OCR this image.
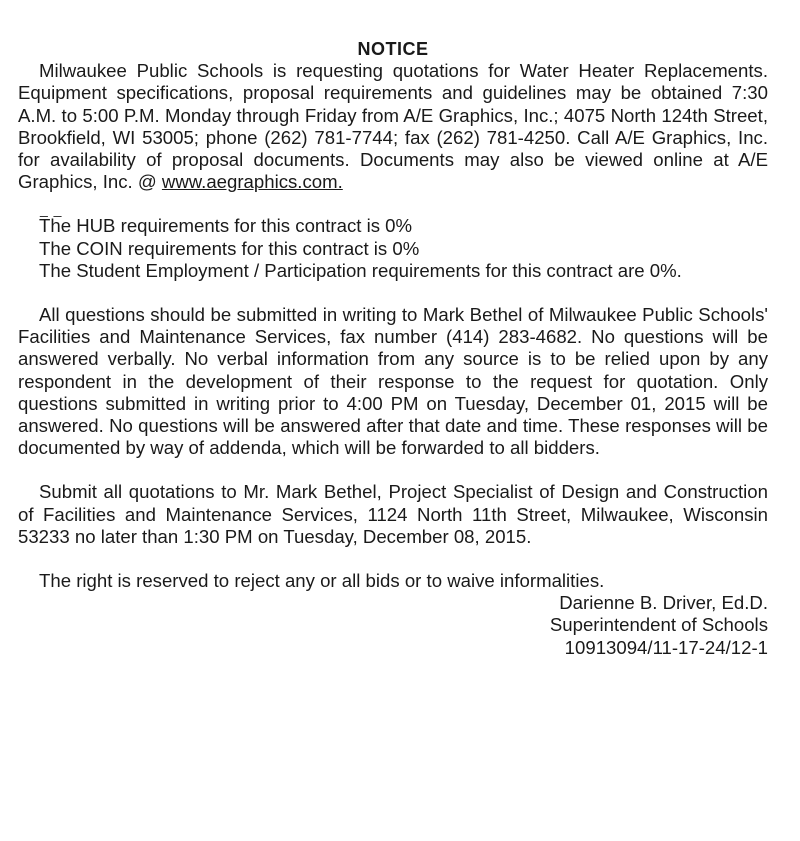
NOTICE

Milwaukee Public Schools is requesting quotations for Water Heater Replacements. Equipment specifications, proposal requirements and guidelines may be obtained 7:30 A.M. to 5:00 P.M. Monday through Friday from A/E Graphics, Inc.; 4075 North 124th Street, Brookfield, WI 53005; phone (262) 781-7744; fax (262) 781-4250. Call A/E Graphics, Inc. for availability of proposal documents. Documents may also be viewed online at A/E Graphics, Inc. @ www.aegraphics.com.

_ _

The HUB requirements for this contract is 0%

The COIN requirements for this contract is 0%

The Student Employment / Participation requirements for this contract are 0%.

All questions should be submitted in writing to Mark Bethel of Milwaukee Public Schools' Facilities and Maintenance Services, fax number (414) 283-4682. No questions will be answered verbally. No verbal information from any source is to be relied upon by any respondent in the development of their response to the request for quotation. Only questions submitted in writing prior to 4:00 PM on Tuesday, December 01, 2015 will be answered. No questions will be answered after that date and time. These responses will be documented by way of addenda, which will be forwarded to all bidders.

Submit all quotations to Mr. Mark Bethel, Project Specialist of Design and Construction of Facilities and Maintenance Services, 1124 North 11th Street, Milwaukee, Wisconsin 53233 no later than 1:30 PM on Tuesday, December 08, 2015.

The right is reserved to reject any or all bids or to waive informalities.

Darienne B. Driver, Ed.D.

Superintendent of Schools

10913094/11-17-24/12-1
